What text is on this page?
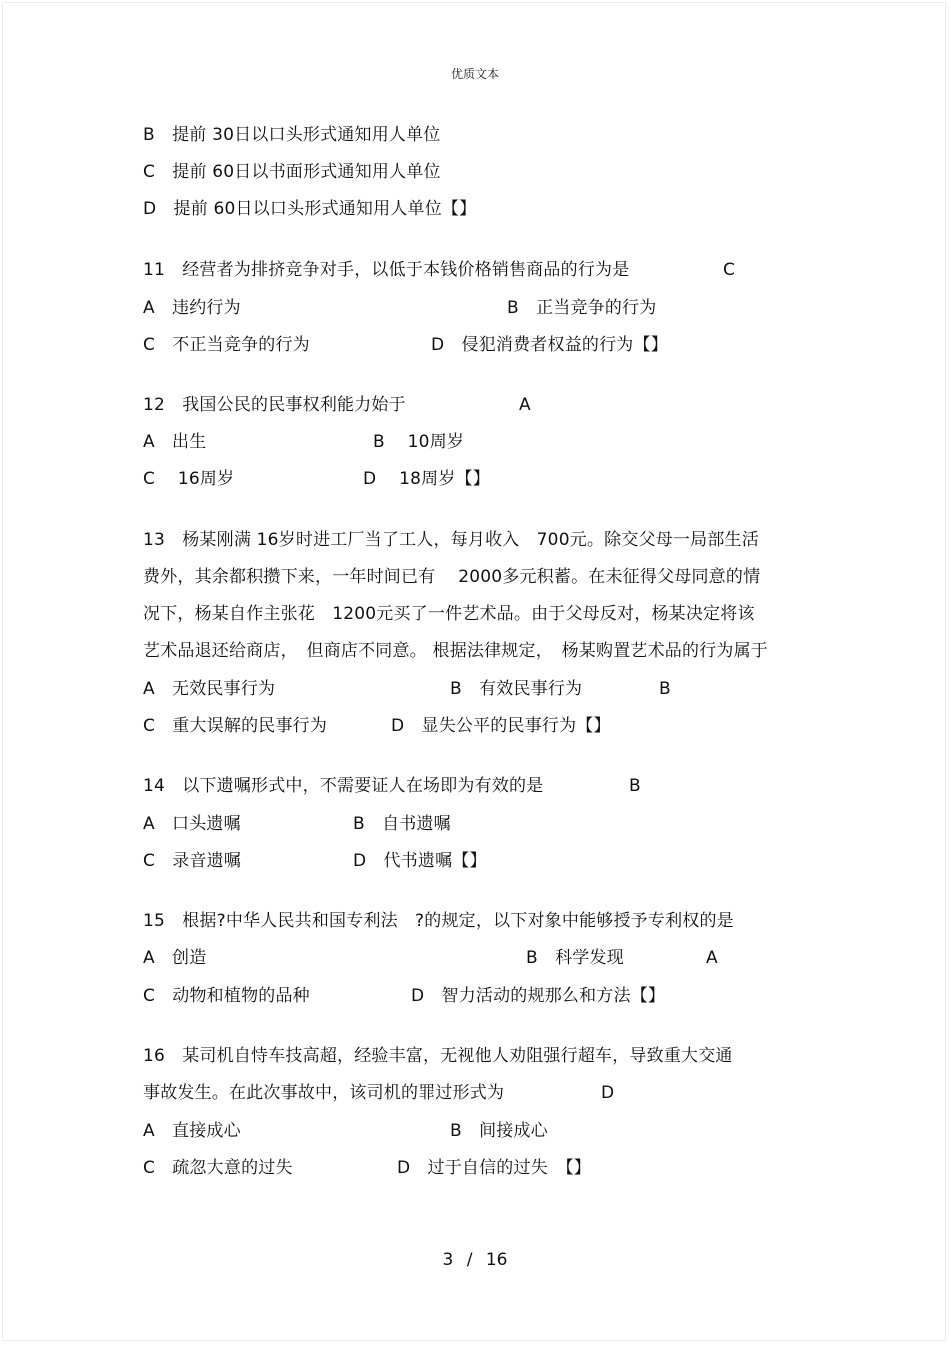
优质文本
B　提前 30日以口头形式通知用人单位
C　提前 60日以书面形式通知用人单位
D　提前 60日以口头形式通知用人单位【】
11　经营者为排挤竞争对手，以低于本钱价格销售商品的行为是	C
A　违约行为	B　正当竞争的行为
C　不正当竞争的行为	D　侵犯消费者权益的行为【】
12　我国公民的民事权利能力始于	A
A　出生	B　 10周岁
C　 16周岁	D　 18周岁【】
13　杨某刚满 16岁时进工厂当了工人，每月收入　700元。除交父母一局部生活
费外，其余都积攒下来，一年时间已有　 2000多元积蓄。在未征得父母同意的情
况下，杨某自作主张花　1200元买了一件艺术品。由于父母反对，杨某决定将该
艺术品退还给商店，　但商店不同意。 根据法律规定，　杨某购置艺术品的行为属于
A　无效民事行为	B　有效民事行为	B
C　重大误解的民事行为	D　显失公平的民事行为【】
14　以下遗嘱形式中，不需要证人在场即为有效的是	B
A　口头遗嘱	B　自书遗嘱
C　录音遗嘱	D　代书遗嘱【】
15　根据?中华人民共和国专利法　?的规定，以下对象中能够授予专利权的是
A　创造	B　科学发现	A
C　动物和植物的品种	D　智力活动的规那么和方法【】
16　某司机自恃车技高超，经验丰富，无视他人劝阻强行超车，导致重大交通
事故发生。在此次事故中，该司机的罪过形式为	D
A　直接成心	B　间接成心
C　疏忽大意的过失	D　过于自信的过失　【】
3 / 16
